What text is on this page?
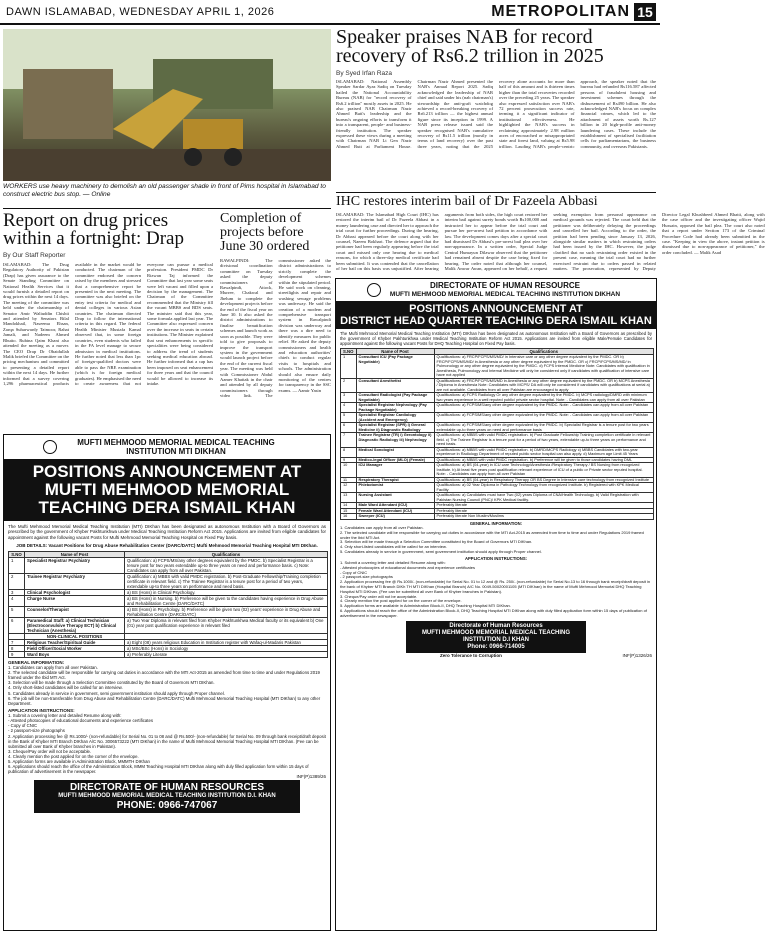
DAWN ISLAMABAD, WEDNESDAY APRIL 1, 2026	METROPOLITAN 15
WORKERS use heavy machinery to demolish an old passenger shade in front of Pims hospital in Islamabad to construct electric bus stop. — Online
Speaker praises NAB for record recovery of Rs6.2 trillion in 2025
By Syed Irfan Raza
ISLAMABAD: National Assembly Speaker Sardar Ayaz Sadiq on Tuesday hailed the National Accountability Bureau (NAB) for "record recovery of Rs6.2 trillion" mostly assets in 2025. He also praised NAB Chairman Nazir Ahmed Butt's leadership and the bureau's ongoing efforts to transform it into a transparent, people- and business-friendly institution. The speaker expressed these views during a meeting with Chairman NAB Lt Gen Nazir Ahmed Butt at Parliament House. Chairman Nazir Ahmed presented the NAB's Annual Report 2025. Sadiq acknowledged the leadership of NAB chief and said under his (nab chairman's) stewardship the anti-graft watchdog achieved a record-breaking recovery of Rs6.213 trillion — the highest annual figure since its inception in 1999. A NAB press release issued said the speaker recognised NAB's cumulative recovery of Rs11.5 trillion (mostly in terms of land recovery) over the past three years, noting that the 2025 recovery alone accounts for more than half of this amount and is thirteen times higher than the total recoveries recorded over the preceding 25 years. The speaker also expressed satisfaction over NAB's 72 percent prosecution success rate, terming it a significant indicator of institutional effectiveness. He highlighted the NAB's success in reclaiming approximately 2.98 million acres of encroached or misappropriated state and forest land, valuing at Rs5.98 trillion. Lauding NAB's people-centric approach, the speaker noted that the bureau had refunded Rs116.587 affected persons of fraudulent housing and investment schemes through the disbursement of Rs490 billion. He also acknowledged NAB's focus on complex financial crimes, which led to the attachment of assets worth Rs.127 billion in 20 high-profile anti-money laundering cases. These include the establishment of specialised facilitation cells for parliamentarians, the business community, and overseas Pakistanis.
IHC restores interim bail of Dr Fazeela Abbasi
ISLAMABAD: The Islamabad High Court (IHC) has restored the interim bail of Dr Fazeela Abbasi in a money laundering case and directed her to approach the trial court for further proceedings. During the hearing, Dr Abbasi appeared before the court along with her counsel, Naeem Bokhari. The defence argued that the petitioner had been regularly appearing before the trial court and missed only one hearing due to medical reasons, for which a three-day medical certificate had been submitted. It was contended that the cancellation of her bail on this basis was unjustified. After hearing arguments from both sides, the high court restored her interim bail against surety bonds worth Rs100,000 and instructed her to appear before the trial court and pursue her pre-arrest bail petition in accordance with law. The development comes days after a special court had dismissed Dr Abbasi's pre-arrest bail plea over her non-appearance. In a written order, Special Judge Central Humayun Dilawar observed that the petitioner had remained absent despite the case being fixed for hearing. The order noted that although her counsel, Malik Anwar Awan, appeared on her behalf, a request seeking exemption from personal appearance on medical grounds was rejected. The court held that the petitioner was deliberately delaying the proceedings and cancelled her bail. According to the order, the petition had been pending since January 13, 2026, alongside similar matters in which restraining orders had been issued by the IHC. However, the judge clarified that no such restraining order existed in the present case, meaning the trial court had no further exercised restraint due to orders passed in related matters. The prosecution, represented by Deputy Director Legal Khushbeed Ahmed Bhatti, along with the case officer and the investigating officer Wajid Hussain, opposed the bail plea. The court also noted that a report under Section 173 of the Criminal Procedure Code had already been submitted in the case. "Keeping in view the above, instant petition is dismissed due to non-appearance of petitioner," the order concluded. — Malik Asad
Report on drug prices within a fortnight: Drap
By Our Staff Reporter
ISLAMABAD: The Drug Regulatory Authority of Pakistan (Drap) has given assurance to the Senate Standing Committee on National Health Services that it would furnish a detailed report on drug prices within the next 14 days. The meeting of the committee was held under the chairmanship of Senator Amir Waliuddin Chishti and attended by Senators Bilal Mandokhail, Naseema Ehsan, Zarqa Suharwardy Taimoor, Rahat Jamali, and Nadeem Ahmed Bhutto. Rubina Qaim Khani also attended the meeting as a mover. The CEO Drap Dr Obaidullah Malik briefed the Committee on the pricing mechanism and committed to presenting a detailed report within the next 14 days. He further informed that a survey covering 1,296 pharmaceutical products available in the market would be conducted. The chairman of the committee endorsed the concern raised by the members and stressed that a comprehensive report be presented in the next meeting. The committee was also briefed on the entry test criteria for medical and dental colleges in various Asian countries. The chairman directed Drap to follow the international criteria in this regard. The federal Health Minister Mustafa Kamal observed that, in some foreign countries, even students who failed in the FA level manage to secure admission in medical institutions. He further noted that less than 1pc of foreign-qualified doctors were able to pass the NRE examination (which is for foreign medical graduates). He emphasised the need to create awareness that not everyone can pursue a medical profession. President PMDC Dr Rizwan Taj informed the Committee that last year some seats were left vacant and filled upon a decision by the management. The Chairman of the Committee recommended that the Ministry fill the vacant MBBS and BDS seats. The minister said that this year, some formula applied last year. The Committee also expressed concern over the increase in seats in certain institutions. The Minister explained that seat enhancements in specific specialities were being considered to address the trend of students seeking medical education abroad. He further informed that a cap has been imposed on seat enhancement for three years and that the council would be allowed to increase its intake.
Completion of projects before June 30 ordered
RAWALPINDI: The divisional coordination committee on Tuesday asked the deputy commissioners of Rawalpindi, Attock, Murree, Chakwal and Jhelum to complete the development projects before the end of the fiscal year on June 30. It also asked the district administrations to finalise beautification schemes and launch work as soon as possible. They were told to give proposals to improve the transport system in the government would launch project before the end of the current fiscal year. The meeting was held with Commissioner Abdul Aamer Khattak in the chair and attended by all deputy commissioners through video link. The commissioner asked the district administrations to strictly complete the development schemes within the stipulated period. He said work on cleaning, streetlights and repair and washing sewage problems was underway. He said the creation of a modern and comprehensive transport system in Rawalpindi division was underway and there was a dire need to identify measures for public relief. He asked the deputy commissioners and health and education authorities' chiefs to conduct regular visits to hospitals and schools. The administration should also ensure daily monitoring of the centres for transparency in the SSC exams. — Aamir Yasin
MUFTI MEHMOOD MEMORIAL MEDICAL TEACHING INSTITUTION MTI DIKHAN
POSITIONS ANNOUNCEMENT AT MUFTI MEHMOOD MEMORIAL TEACHING DERA ISMAIL KHAN
The Mufti Mehmood Memorial Medical Teaching Institution (MTI) DIKhan has been designated as autonomous Institution with a Board of Governors as prescribed by the government of Khyber Pakhtunkhwa under Medical Teaching Institution Reform Act 2015. Applications are invited from eligible candidates for appointment against the following vacant Posts for Mufti Mehmood Memorial Teaching Hospital on Fixed Pay basis.
JOB DETAILS: Vacant Positions for Drug Abuse Rehabilitation Center (DARC/DATC) Mufti Mehmood Memorial Teaching Hospital MTI DIKhan.
S.NO	Name of Post	Qualifications
1	Specialist Registrar Psychiatry	Qualification: a) FCPS/MS/any other degrees equivalent by the PMDC. b) Specialist Registrar is a tenure post for two years extendable up-to three years on need and performance basis. c) Note: Candidates can apply from all over Pakistan.
2	Trainee Registrar Psychiatry	Qualification: a) MBBS with valid PMDC registration. b) Post-Graduate Fellowship/Training completion certificate in relevant field. c) The Trainee Registrar is a tenure post for a period of two years, extendable up-to three years on performance and need basis.
3	Clinical Psychologist	a) BS (Hons) in Clinical Psychology.
4	Charge Nurse	a) BS (Hons) in Nursing. b) Preference will be given to the candidates having experience in Drug Abuse and Rehabilitation Centre (DARC/DATC)
5	Counselor/Therapist	a) BS (Hons) in Psychology. b) Preference will be given two (02) years' experience in Drug Abuse and Rehabilitation Centre (DARC/DATC)
6	Paramedical Staff: a) Clinical Technician (Electroconvulsive Therapy ECT) b) Clinical Technician (Anesthesia)	a) Two Year Diploma in relevant filed from Khyber Pakhtunkhwa Medical faculty or its equivalent b) One (01) year post qualification experience in relevant filed
	NON-CLINICAL POSITIONS	
7	Religious Teacher/Spiritual Guide	a) Eight (08) years religious Education in Institution register with Wafaq-ul-Madaris Pakistan
8	Field Officer/Social Worker	a) MSc/BSc (Hons) in Sociology
9	Ward Boys	a) Preferably Literate
GENERAL INFORMATION:
1. Candidates can apply from all over Pakistan.
2. The selected candidate will be responsible for carrying out duties in accordance with the MTI Act-2015 as amended from time to time and under Regulations 2019 framed under the Ibid MTI Act.
3. Selection will be made through a Selection Committee constituted by the Board of Governors MTI DIKhan.
4. Only short-listed candidates will be called for an interview.
5. Candidates already in service in government, semi government institution should apply through Proper channel.
6. The job will be non-transferable from Drug Abuse and Rehabilitation Centre (DARC/DATC) Mufti Mehmood Memorial Teaching Hospital (MTI DIKhan) to any other Department.
APPLICATION INSTRUCTIONS:
1. Submit a covering letter and detailed Resume along with:
- Attested photocopies of educational documents and experience certificates
- Copy of CNIC
- 2 passport-size photographs
2. Application processing fee @ Rs.1000/- (non-refundable) for Serial No. 01 to 08 and @ Rs.500/- (non-refundable) for Serial No. 09 through bank receipt/draft deposit in the Bank of Khyber MTI Branch DIKhan A/C No. 3006573222 (MTI DIKhan) in the name of Mufti Mehmood Memorial Teaching Hospital MTI DIKhan. (Fee can be submitted all over Bank of Khyber branches in Pakistan).
3. Cheque/Pay order will not be acceptable.
4. Clearly mention the post applied for on the corner of the envelope.
5. Application forms are available in Administration Block, MMMTH DIKhan
6. Applications should reach the office of the Administration Block, MMM Teaching Hospital MTI DIKhan along with duly filled application form within 15 days of publication of advertisement in the newspaper.
INF(P)1389/26
DIRECTORATE OF HUMAN RESOURCES
MUFTI MEHMOOD MEMORIAL MEDICAL TEACHING INSTITUTION D.I. KHAN
PHONE: 0966-747067
DIRECTORATE OF HUMAN RESOURCE
MUFTI MEHMOOD MEMORIAL MEDICAL TEACHING INSTITUTION DIKHAN
POSITIONS ANNOUNCEMENT AT
DISTRICT HEAD QUARTER TEACHING DERA ISMAIL KHAN
The Mufti Mehmood Memorial Medical Teaching Institution (MTI) DIKhan has been designated as autonomous Institution with a Board of Governors as prescribed by the government of Khyber Pakhtunkhwa under Medical Teaching Institution Reform Act 2015. Applications are invited from eligible Male/Female Candidates for appointment against the following vacant Posts for DHQ Teaching Hospital on Fixed Pay basis.
S.NO	Name of Post	Qualifications
1	Consultant ICU (Pay Package Negotiable)	Qualifications: a) FRCP/FCPS/MS/MD/ in Intensive care or any other degree equivalent by the PMDC. OR b) FRCP/FCPS/MS/MD/ in Anesthesia or any other degree equivalent by the PMDC. OR c) FRCP/FCPS/MS/MD/ in Pulmonology or any other degree equivalent by the PMDC. d) FCPS Internal Medicine Note: Candidates with qualification in Anesthesia, Pulmonology and Internal Medicine will only be considered only if candidates with qualification of intensive care have not applied
2	Consultant Anesthetist	Qualifications: a) FRCP/FCPS/MS/MD in Anesthesia or any other degree equivalent by the PMDC. OR b) MCPS Anesthesia / Diploma in Anesthesia Note: Candidates with MCPS/ DA will only be considered if candidates with qualifications at serial a) are not available. Candidates from all over Pakistan are encouraged to apply
3	Consultant Radiologist (Pay Package Negotiable)	Qualifications: a) FCPS Radiology Or any other degree equivalent by the PMDC. b) MCPS radiology/DMRD with minimum two years experience in a well reputed public/ private sector hospital. Note: - Candidates can apply from all over Pakistan
4	Specialist Registrar Nephrology (Pay Package Negotiable)	Qualifications: a) FCPS/MS/any other degree equivalent by the PMDC. Note: - Candidates can apply from all over Pakistan
5	Specialist Registrar Cardiology (Accident and Emergency)	Qualifications: a) FCPS/MS/any other degree equivalent by the PMDC. Note: - Candidates can apply from all over Pakistan
6	Specialist Registrar (SPR) i) General Medicine ii) Diagnostic Radiology	Qualifications: a) FCPS/MS/any other degree equivalent by the PMDC. b) Specialist Registrar is a tenure post for two years extendable up-to three years on need and performance basis
7	Trainee Registrar (TR) i) Gerontology ii) Diagnostic Radiology iii) Nephrology	Qualifications: a) MBBS with valid PMDC registration. b) Post Graduate Fellowship Training completion certificate in relevant field. c) The Trainee Registrar is a tenure post for a period of two years, extendable up-to three years on performance and need basis.
8	Medical Sonologist	Qualifications: a) MBBS with valid PMDC registration. b) DMRD/MCPS Radiology c) MBBS Candidates with two-year experience in Radiology Department of reputed public sector hospital can also apply. d) Maximum age Limit 45 Years
9	Medico-legal Officer (MLO) (Female)	Qualifications: a) MBBS with valid PMDC registration. b) Preference will be given to those candidates having DML
10	ICU Manager	Qualifications: a) BS (04-year) in ICU care Technology/Anesthesia /Respiratory Therapy / BS Nursing from recognized Institute. b) At least five years post qualification relevant experience of ICU of a public or Private sector reputed hospital. Note: - Candidates can apply from all over Pakistan
11	Respiratory Therapist	Qualifications: a) BS (04-year) in Respiratory Therapy OR BS Degree in Intensive care technology from recognized Institute
12	Phlebotomist	Qualifications: a) 02 Year Diploma in Pathology Technology from recognized Institute. b) Registered with KPK Medical Facility
13	Nursing Assistant	Qualifications: a) Candidates must have Two (02) years Diploma of CNA/Health Technology. b) Valid Registration with Pakistan Nursing Council (PNC)/ KPK Medical facility.
14	Male Ward Attendant (ICU)	Preferably literate
15	Female Ward Attendant (ICU)	Preferably literate
16	Sweeper (ICU)	Preferably literate Non Muslim/Muslims
GENERAL INFORMATION:
1. Candidates can apply from all over Pakistan.
2. The selected candidate will be responsible for carrying out duties in accordance with the MTI Act-2015 as amended from time to time and under Regulations 2019 framed under the Ibid MTI Act.
3. Selection will be made through a Selection Committee constituted by the Board of Governors MTI DIKhan.
4. Only short-listed candidates will be called for an interview.
5. Candidates already in service in government, semi government institution should apply through Proper channel.
APPLICATION INSTRUCTIONS:
1. Submit a covering letter and detailed Resume along with:
- Attested photocopies of educational documents and experience certificates
- Copy of CNIC
- 2 passport-size photographs
2. Application processing fee @ Rs.1000/- (non-refundable) for Serial No. 01 to 12 and @ Rs. 250/- (non-refundable) for Serial No.13 to 16 through bank receipt/draft deposit in the bank of Khyber MTI Branch DIKh TH MTI DIKhan (Hospital Branch) A/C No. 0049-50020001105 (MTI DIKhan) in the name of Mufti Mehmood Memorial DHQ Teaching Hospital MTI DIKhan. (Fee can be submitted all over Bank of Khyber branches in Pakistan).
3. Cheque/Pay order will not be acceptable.
4. Clearly mention the post applied for on the corner of the envelope.
5. Application forms are available in Administration Block-II, DHQ Teaching Hospital MTI DIKhan.
6. Applications should reach the office of the Administration Block-II, DHQ Teaching Hospital MTI DIKhan along with duly filled application form within 15 days of publication of advertisement in the newspaper.
Directorate of Human Resources
MUFTI MEHMOOD MEMORIAL MEDICAL TEACHING INSTITUTION D.I KHAN
Phone: 0966-714005
Zero Tolerance to Corruption	INF(P)1326/26
